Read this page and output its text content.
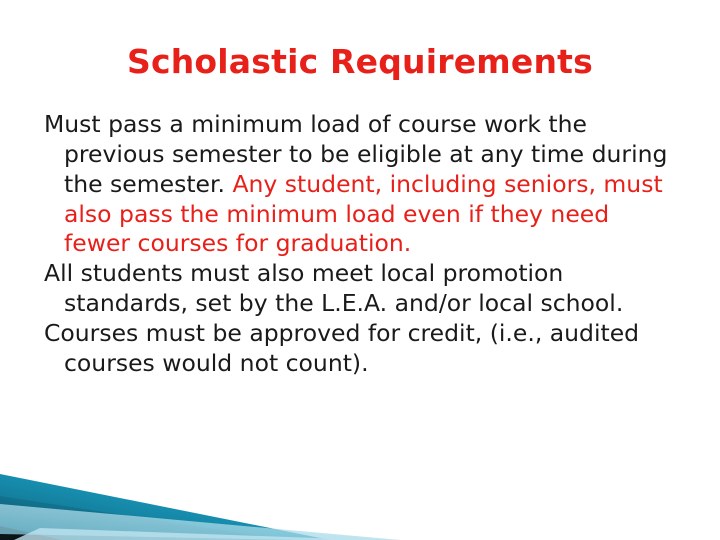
Scholastic Requirements

Must pass a minimum load of course work the previous semester to be eligible at any time during the semester. Any student, including seniors, must also pass the minimum load even if they need fewer courses for graduation.

All students must also meet local promotion standards, set by the L.E.A. and/or local school.

Courses must be approved for credit, (i.e., audited courses would not count).
